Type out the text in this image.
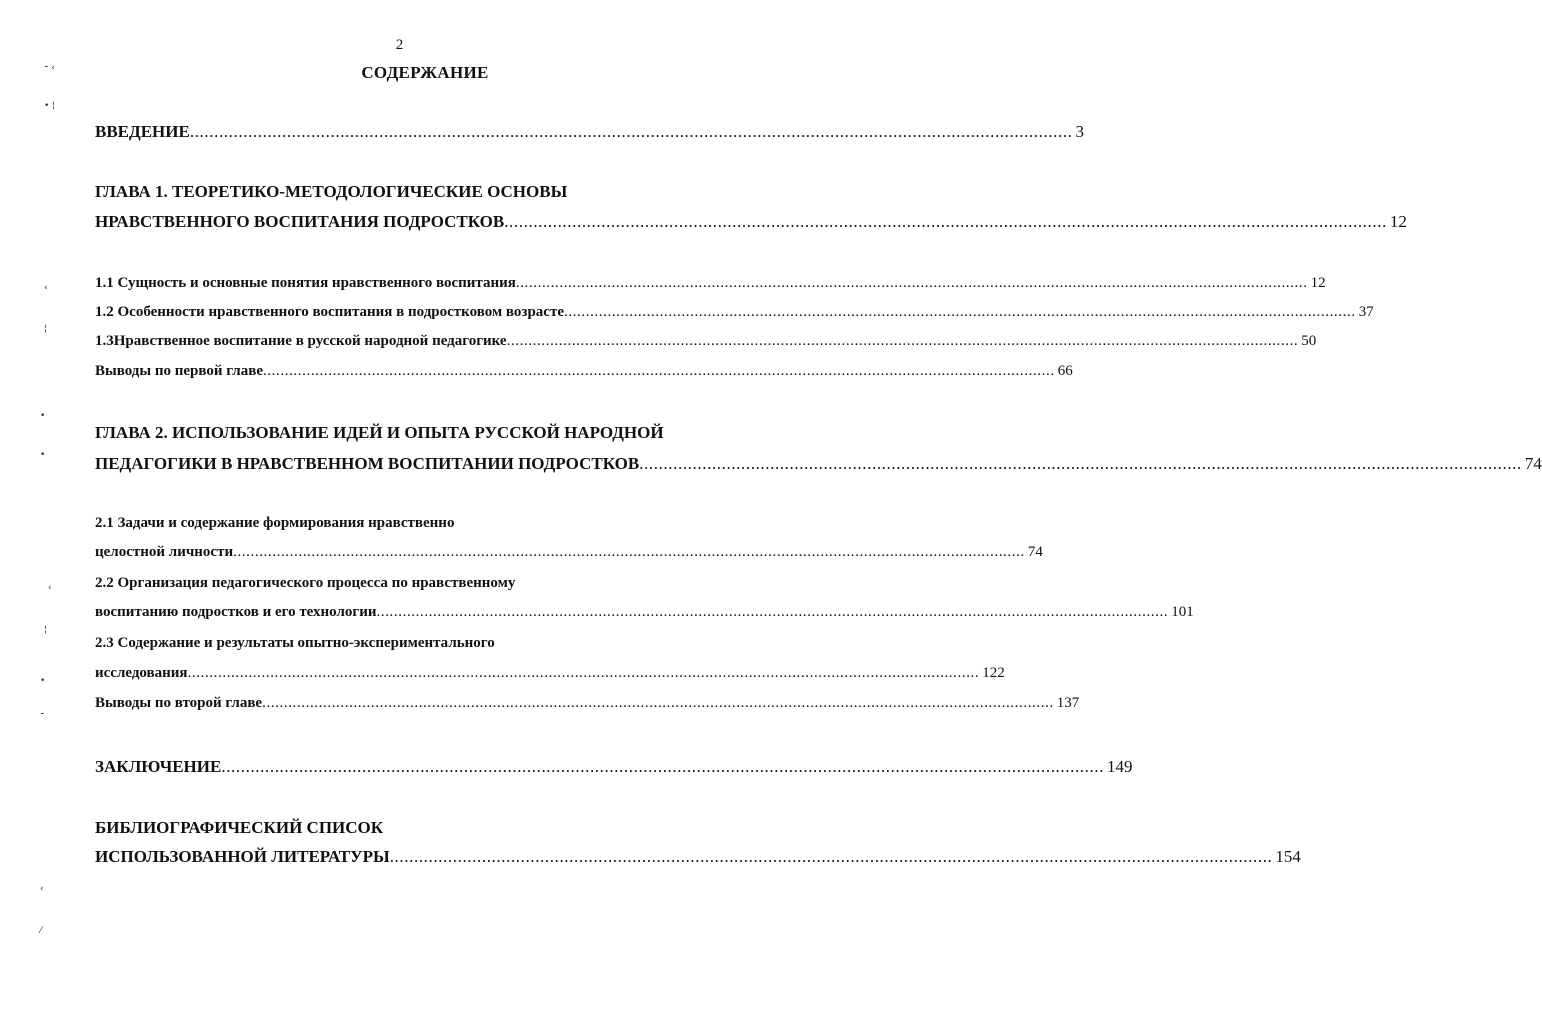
2
СОДЕРЖАНИЕ
⁃ ‹
• ¦
‹
¦
•
•
‹
¦
•
⁃
‹
⁄
ВВЕДЕНИЕ ...................................................................................................................................................................................... 3
ГЛАВА 1. ТЕОРЕТИКО-МЕТОДОЛОГИЧЕСКИЕ ОСНОВЫ
НРАВСТВЕННОГО ВОСПИТАНИЯ ПОДРОСТКОВ ...................................................................................................................................................................................... 12
1.1 Сущность и основные понятия нравственного воспитания ...................................................................................................................................................................................... 12
1.2 Особенности нравственного воспитания в подростковом возрасте ...................................................................................................................................................................................... 37
1.3Нравственное воспитание в русской народной педагогике ...................................................................................................................................................................................... 50
Выводы по первой главе ...................................................................................................................................................................................... 66
ГЛАВА 2. ИСПОЛЬЗОВАНИЕ ИДЕЙ И ОПЫТА РУССКОЙ НАРОДНОЙ
ПЕДАГОГИКИ В НРАВСТВЕННОМ ВОСПИТАНИИ ПОДРОСТКОВ ...................................................................................................................................................................................... 74
2.1 Задачи и содержание формирования нравственно
целостной личности ...................................................................................................................................................................................... 74
2.2 Организация педагогического процесса по нравственному
воспитанию подростков и его технологии ...................................................................................................................................................................................... 101
2.3 Содержание и результаты опытно-экспериментального
исследования ...................................................................................................................................................................................... 122
Выводы по второй главе ...................................................................................................................................................................................... 137
ЗАКЛЮЧЕНИЕ ...................................................................................................................................................................................... 149
БИБЛИОГРАФИЧЕСКИЙ СПИСОК
ИСПОЛЬЗОВАННОЙ ЛИТЕРАТУРЫ ...................................................................................................................................................................................... 154
